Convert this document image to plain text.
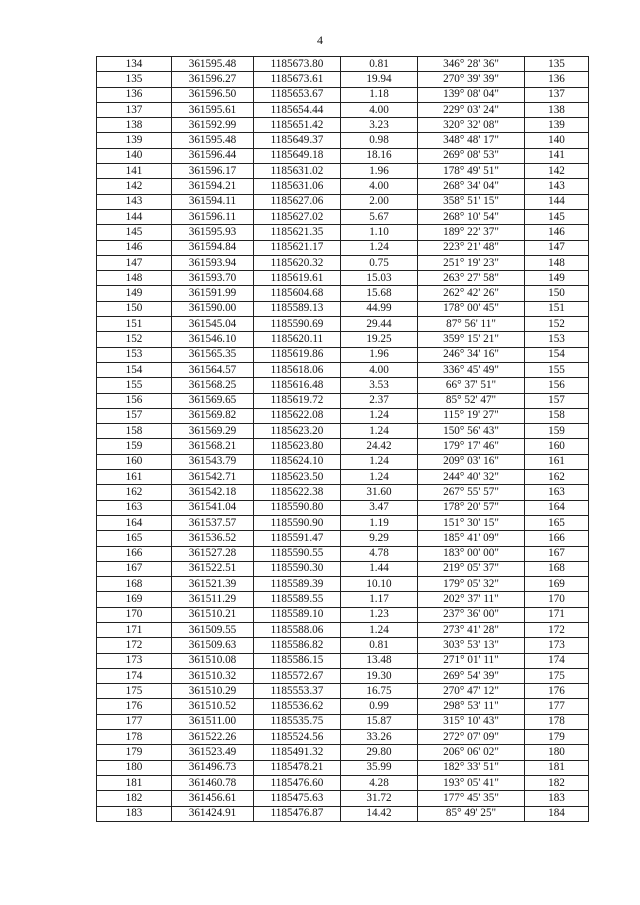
4
134	361595.48	1185673.80	0.81	346° 28' 36"	135
135	361596.27	1185673.61	19.94	270° 39' 39"	136
136	361596.50	1185653.67	1.18	139° 08' 04"	137
137	361595.61	1185654.44	4.00	229° 03' 24"	138
138	361592.99	1185651.42	3.23	320° 32' 08"	139
139	361595.48	1185649.37	0.98	348° 48' 17"	140
140	361596.44	1185649.18	18.16	269° 08' 53"	141
141	361596.17	1185631.02	1.96	178° 49' 51"	142
142	361594.21	1185631.06	4.00	268° 34' 04"	143
143	361594.11	1185627.06	2.00	358° 51' 15"	144
144	361596.11	1185627.02	5.67	268° 10' 54"	145
145	361595.93	1185621.35	1.10	189° 22' 37"	146
146	361594.84	1185621.17	1.24	223° 21' 48"	147
147	361593.94	1185620.32	0.75	251° 19' 23"	148
148	361593.70	1185619.61	15.03	263° 27' 58"	149
149	361591.99	1185604.68	15.68	262° 42' 26"	150
150	361590.00	1185589.13	44.99	178° 00' 45"	151
151	361545.04	1185590.69	29.44	87° 56' 11"	152
152	361546.10	1185620.11	19.25	359° 15' 21"	153
153	361565.35	1185619.86	1.96	246° 34' 16"	154
154	361564.57	1185618.06	4.00	336° 45' 49"	155
155	361568.25	1185616.48	3.53	66° 37' 51"	156
156	361569.65	1185619.72	2.37	85° 52' 47"	157
157	361569.82	1185622.08	1.24	115° 19' 27"	158
158	361569.29	1185623.20	1.24	150° 56' 43"	159
159	361568.21	1185623.80	24.42	179° 17' 46"	160
160	361543.79	1185624.10	1.24	209° 03' 16"	161
161	361542.71	1185623.50	1.24	244° 40' 32"	162
162	361542.18	1185622.38	31.60	267° 55' 57"	163
163	361541.04	1185590.80	3.47	178° 20' 57"	164
164	361537.57	1185590.90	1.19	151° 30' 15"	165
165	361536.52	1185591.47	9.29	185° 41' 09"	166
166	361527.28	1185590.55	4.78	183° 00' 00"	167
167	361522.51	1185590.30	1.44	219° 05' 37"	168
168	361521.39	1185589.39	10.10	179° 05' 32"	169
169	361511.29	1185589.55	1.17	202° 37' 11"	170
170	361510.21	1185589.10	1.23	237° 36' 00"	171
171	361509.55	1185588.06	1.24	273° 41' 28"	172
172	361509.63	1185586.82	0.81	303° 53' 13"	173
173	361510.08	1185586.15	13.48	271° 01' 11"	174
174	361510.32	1185572.67	19.30	269° 54' 39"	175
175	361510.29	1185553.37	16.75	270° 47' 12"	176
176	361510.52	1185536.62	0.99	298° 53' 11"	177
177	361511.00	1185535.75	15.87	315° 10' 43"	178
178	361522.26	1185524.56	33.26	272° 07' 09"	179
179	361523.49	1185491.32	29.80	206° 06' 02"	180
180	361496.73	1185478.21	35.99	182° 33' 51"	181
181	361460.78	1185476.60	4.28	193° 05' 41"	182
182	361456.61	1185475.63	31.72	177° 45' 35"	183
183	361424.91	1185476.87	14.42	85° 49' 25"	184
